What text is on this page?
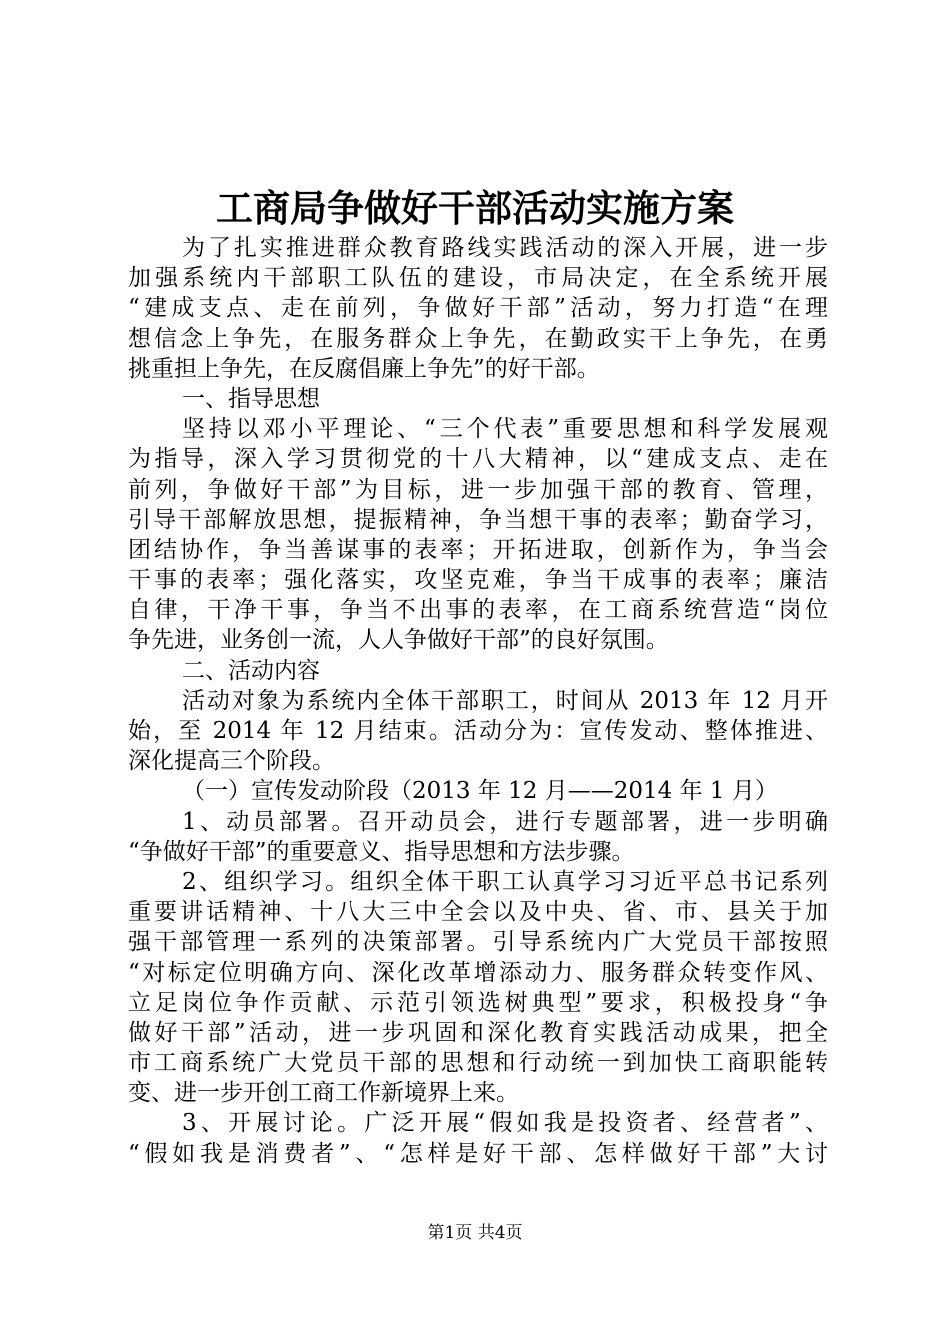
工商局争做好干部活动实施方案
为了扎实推进群众教育路线实践活动的深入开展，进一步
加强系统内干部职工队伍的建设，市局决定，在全系统开展
“建成支点、走在前列，争做好干部”活动，努力打造“在理
想信念上争先，在服务群众上争先，在勤政实干上争先，在勇
挑重担上争先，在反腐倡廉上争先”的好干部。
一、指导思想
坚持以邓小平理论、“三个代表”重要思想和科学发展观
为指导，深入学习贯彻党的十八大精神，以“建成支点、走在
前列，争做好干部”为目标，进一步加强干部的教育、管理，
引导干部解放思想，提振精神，争当想干事的表率；勤奋学习，
团结协作，争当善谋事的表率；开拓进取，创新作为，争当会
干事的表率；强化落实，攻坚克难，争当干成事的表率；廉洁
自律，干净干事，争当不出事的表率，在工商系统营造“岗位
争先进，业务创一流，人人争做好干部”的良好氛围。
二、活动内容
活动对象为系统内全体干部职工，时间从 2013 年 12 月开
始，至 2014 年 12 月结束。活动分为：宣传发动、整体推进、
深化提高三个阶段。
（一）宣传发动阶段（2013 年 12 月——2014 年 1 月）
1、动员部署。召开动员会，进行专题部署，进一步明确
“争做好干部”的重要意义、指导思想和方法步骤。
2、组织学习。组织全体干职工认真学习习近平总书记系列
重要讲话精神、十八大三中全会以及中央、省、市、县关于加
强干部管理一系列的决策部署。引导系统内广大党员干部按照
“对标定位明确方向、深化改革增添动力、服务群众转变作风、
立足岗位争作贡献、示范引领选树典型”要求，积极投身“争
做好干部”活动，进一步巩固和深化教育实践活动成果，把全
市工商系统广大党员干部的思想和行动统一到加快工商职能转
变、进一步开创工商工作新境界上来。
3、开展讨论。广泛开展“假如我是投资者、经营者”、
“假如我是消费者”、“怎样是好干部、怎样做好干部”大讨
第1页 共4页
